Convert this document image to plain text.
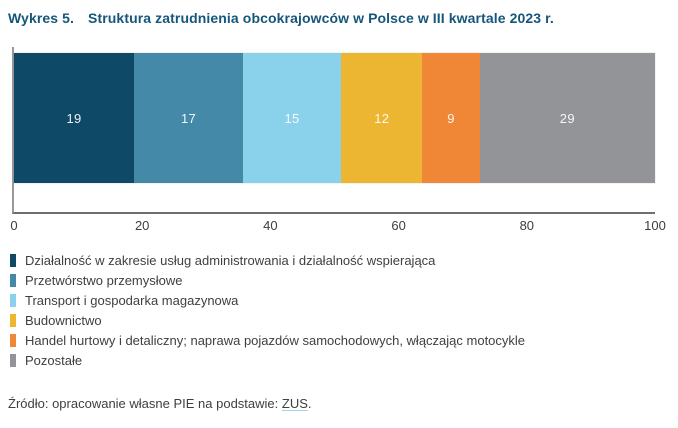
Wykres 5. Struktura zatrudnienia obcokrajowców w Polsce w III kwartale 2023 r.
19	17	15	12	9	29
0	20	40	60	80	100
Działalność w zakresie usług administrowania i działalność wspierająca
Przetwórstwo przemysłowe
Transport i gospodarka magazynowa
Budownictwo
Handel hurtowy i detaliczny; naprawa pojazdów samochodowych, włączając motocykle
Pozostałe
Źródło: opracowanie własne PIE na podstawie: ZUS.
